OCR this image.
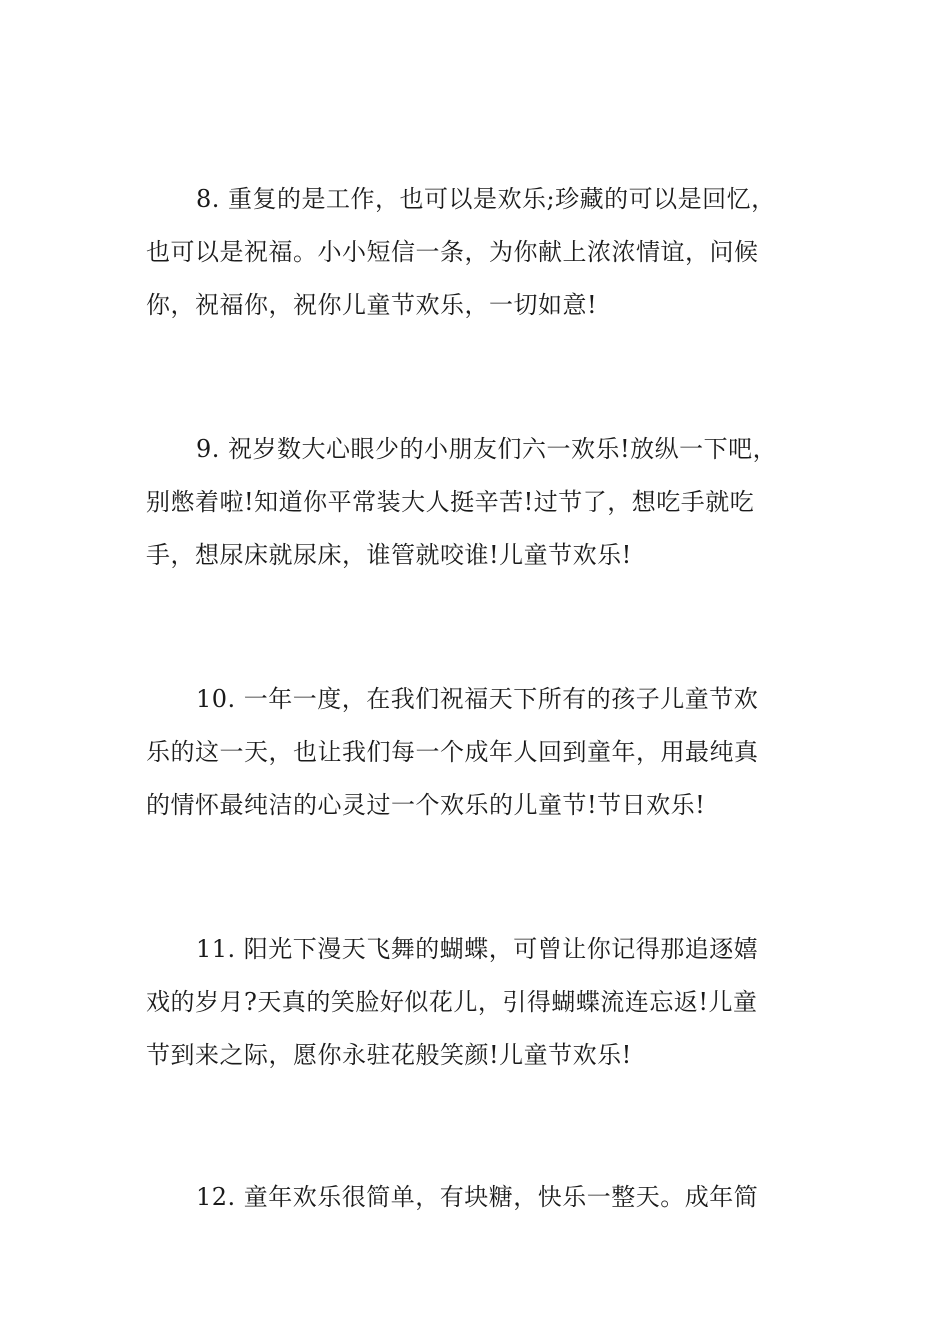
8. 重复的是工作，也可以是欢乐;珍藏的可以是回忆，
也可以是祝福。小小短信一条，为你献上浓浓情谊，问候
你，祝福你，祝你儿童节欢乐，一切如意!

9. 祝岁数大心眼少的小朋友们六一欢乐!放纵一下吧，
别憋着啦!知道你平常装大人挺辛苦!过节了，想吃手就吃
手，想尿床就尿床，谁管就咬谁!儿童节欢乐!

10. 一年一度，在我们祝福天下所有的孩子儿童节欢
乐的这一天，也让我们每一个成年人回到童年，用最纯真
的情怀最纯洁的心灵过一个欢乐的儿童节!节日欢乐!

11. 阳光下漫天飞舞的蝴蝶，可曾让你记得那追逐嬉
戏的岁月?天真的笑脸好似花儿，引得蝴蝶流连忘返!儿童
节到来之际，愿你永驻花般笑颜!儿童节欢乐!

12. 童年欢乐很简单，有块糖，快乐一整天。成年简
